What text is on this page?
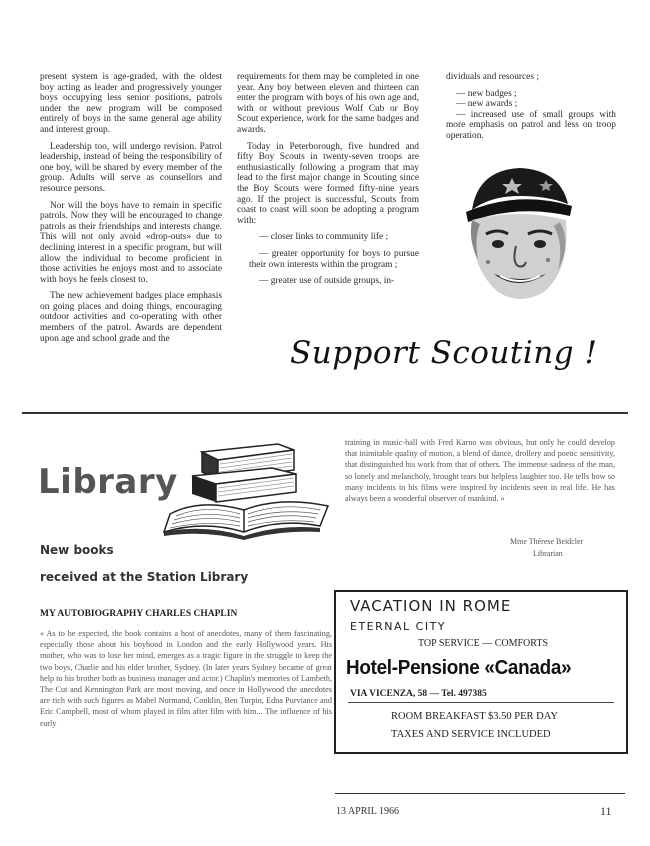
present system is age-graded, with the oldest boy acting as leader and progressively younger boys occupying less senior positions, patrols under the new program will be composed entirely of boys in the same general age ability and interest group.

Leadership too, will undergo revision. Patrol leadership, instead of being the responsibility of one boy, will be shared by every member of the group. Adults will serve as counsellors and resource persons.

Nor will the boys have to remain in specific patrols. Now they will be encouraged to change patrols as their friendships and interests change. This will not only avoid «drop-outs» due to declining interest in a specific program, but will allow the individual to become proficient in those activities he enjoys most and to associate with boys he feels closest to.

The new achievement badges place emphasis on going places and doing things, encouraging outdoor activities and co-operating with other members of the patrol. Awards are dependent upon age and school grade and the

requirements for them may be completed in one year. Any boy between eleven and thirteen can enter the program with boys of his own age and, with or without previous Wolf Cub or Boy Scout experience, work for the same badges and awards.

Today in Peterborough, five hundred and fifty Boy Scouts in twenty-seven troops are enthusiastically following a program that may lead to the first major change in Scouting since the Boy Scouts were formed fifty-nine years ago. If the project is successful, Scouts from coast to coast will soon be adopting a program with:

— closer links to community life ;

— greater opportunity for boys to pursue their own interests within the program ;

— greater use of outside groups, in-

dividuals and resources ;

— new badges ;

— new awards ;

— increased use of small groups with more emphasis on patrol and less on troop operation.

Support Scouting !
Library
New books
received at the Station Library
MY AUTOBIOGRAPHY CHARLES CHAPLIN
« As to be expected, the book contains a host of anecdotes, many of them fascinating, especially those about his boyhood in London and the early Hollywood years. His mother, who was to lose her mind, emerges as a tragic figure in the struggle to keep the two boys, Charlie and his elder brother, Sydney. (In later years Sydney became of great help to his brother both as business manager and actor.) Chaplin's memories of Lambeth, The Cut and Kennington Park are most moving, and once in Hollywood the anecdotes are rich with such figures as Mabel Normand, Conklin, Ben Turpin, Edna Purviance and Eric Campbell, most of whom played in film after film with him... The influence of his early
training in music-hall with Fred Karno was obvious, but only he could develop that inimitable quality of motion, a blend of dance, drollery and poetic sensitivity, that distinguished his work from that of others. The immense sadness of the man, so lonely and melancholy, brought tears but helpless laughter too. He tells how so many incidents in his films were inspired by incidents seen in real life. He has always been a wonderful observer of mankind. »
Mme Thérese Beidcler
Librarian
VACATION IN ROME
ETERNAL CITY
TOP SERVICE — COMFORTS
Hotel-Pensione «Canada»
VIA VICENZA, 58 — Tel. 497385
ROOM BREAKFAST $3.50 PER DAY
TAXES AND SERVICE INCLUDED
13 APRIL 1966	11
